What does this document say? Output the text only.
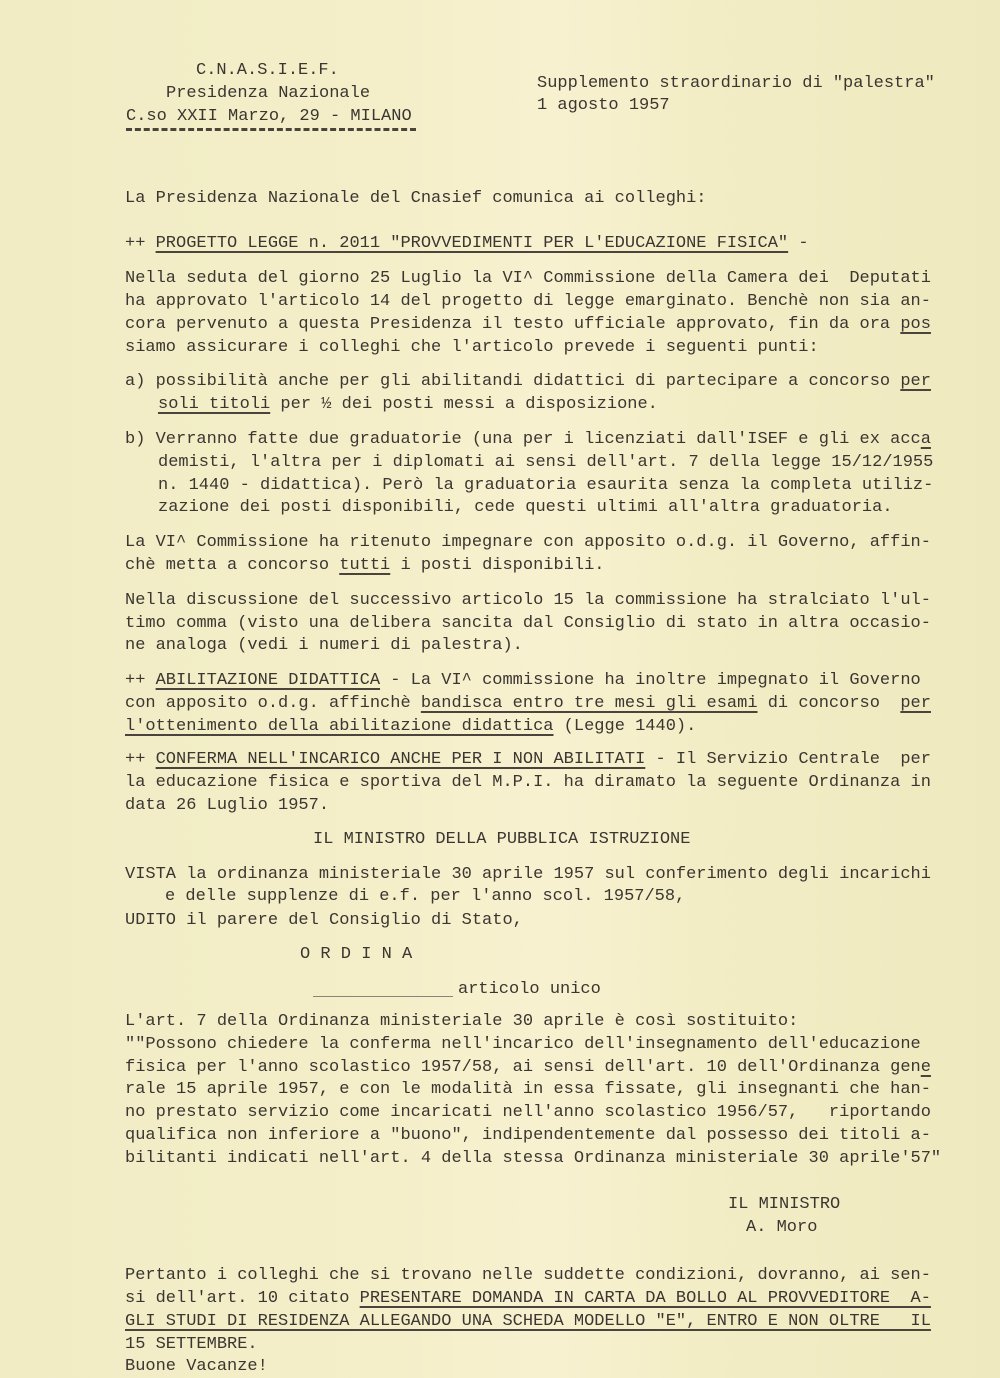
C.N.A.S.I.E.F.
Presidenza Nazionale
C.so XXII Marzo, 29 - MILANO
Supplemento straordinario di "palestra"
1 agosto 1957
La Presidenza Nazionale del Cnasief comunica ai colleghi:
++ PROGETTO LEGGE n. 2011 "PROVVEDIMENTI PER L'EDUCAZIONE FISICA" -
Nella seduta del giorno 25 Luglio la VI^ Commissione della Camera dei  Deputati
ha approvato l'articolo 14 del progetto di legge emarginato. Benchè non sia an-
cora pervenuto a questa Presidenza il testo ufficiale approvato, fin da ora pos
siamo assicurare i colleghi che l'articolo prevede i seguenti punti:
a) possibilità anche per gli abilitandi didattici di partecipare a concorso per
soli titoli per ½ dei posti messi a disposizione.
b) Verranno fatte due graduatorie (una per i licenziati dall'ISEF e gli ex acca
demisti, l'altra per i diplomati ai sensi dell'art. 7 della legge 15/12/1955
n. 1440 - didattica). Però la graduatoria esaurita senza la completa utiliz-
zazione dei posti disponibili, cede questi ultimi all'altra graduatoria.
La VI^ Commissione ha ritenuto impegnare con apposito o.d.g. il Governo, affin-
chè metta a concorso tutti i posti disponibili.
Nella discussione del successivo articolo 15 la commissione ha stralciato l'ul-
timo comma (visto una delibera sancita dal Consiglio di stato in altra occasio-
ne analoga (vedi i numeri di palestra).
++ ABILITAZIONE DIDATTICA - La VI^ commissione ha inoltre impegnato il Governo
con apposito o.d.g. affinchè bandisca entro tre mesi gli esami di concorso  per
l'ottenimento della abilitazione didattica (Legge 1440).
++ CONFERMA NELL'INCARICO ANCHE PER I NON ABILITATI - Il Servizio Centrale  per
la educazione fisica e sportiva del M.P.I. ha diramato la seguente Ordinanza in
data 26 Luglio 1957.
IL MINISTRO DELLA PUBBLICA ISTRUZIONE
VISTA la ordinanza ministeriale 30 aprile 1957 sul conferimento degli incarichi
e delle supplenze di e.f. per l'anno scol. 1957/58,
UDITO il parere del Consiglio di Stato,
O R D I N A
articolo unico
L'art. 7 della Ordinanza ministeriale 30 aprile è così sostituito:
""Possono chiedere la conferma nell'incarico dell'insegnamento dell'educazione
fisica per l'anno scolastico 1957/58, ai sensi dell'art. 10 dell'Ordinanza gene
rale 15 aprile 1957, e con le modalità in essa fissate, gli insegnanti che han-
no prestato servizio come incaricati nell'anno scolastico 1956/57,   riportando
qualifica non inferiore a "buono", indipendentemente dal possesso dei titoli a-
bilitanti indicati nell'art. 4 della stessa Ordinanza ministeriale 30 aprile'57"
IL MINISTRO
A. Moro
Pertanto i colleghi che si trovano nelle suddette condizioni, dovranno, ai sen-
si dell'art. 10 citato PRESENTARE DOMANDA IN CARTA DA BOLLO AL PROVVEDITORE  A-
GLI STUDI DI RESIDENZA ALLEGANDO UNA SCHEDA MODELLO "E", ENTRO E NON OLTRE   IL
15 SETTEMBRE.
Buone Vacanze!
